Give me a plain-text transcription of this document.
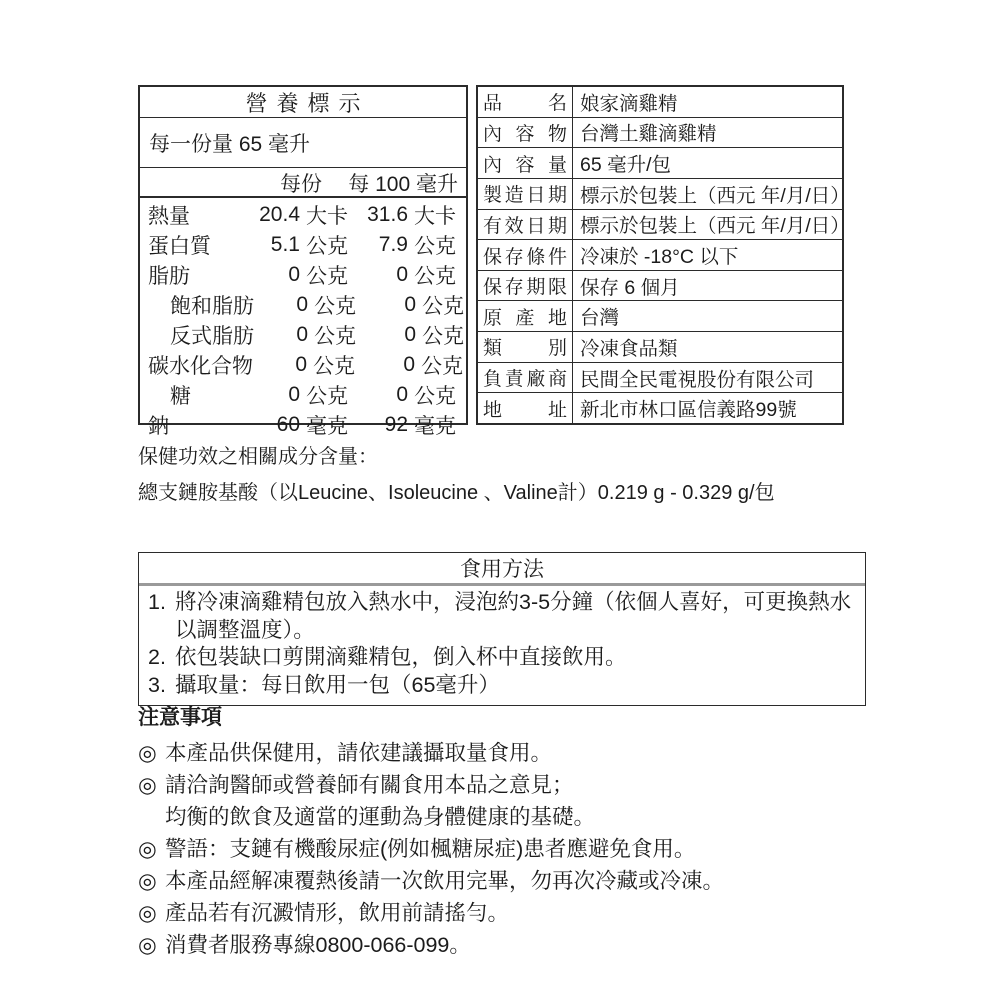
營養標示
每一份量 65 毫升
每份	每 100 毫升
熱量	20.4 大卡 31.6 大卡
蛋白質	5.1 公克	7.9 公克
脂肪	0 公克	0 公克
飽和脂肪	0 公克	0 公克
反式脂肪	0 公克	0 公克
碳水化合物	0 公克	0 公克
糖	0 公克	0 公克
鈉	60 毫克	92 毫克
品名 娘家滴雞精
內容物 台灣土雞滴雞精
內容量 65 毫升/包
製造日期 標示於包裝上（西元 年/月/日）
有效日期 標示於包裝上（西元 年/月/日）
保存條件 冷凍於 -18°C 以下
保存期限 保存 6 個月
原產地 台灣
類別 冷凍食品類
負責廠商 民間全民電視股份有限公司
地址 新北市林口區信義路99號
保健功效之相關成分含量：
總支鏈胺基酸（以Leucine、Isoleucine 、Valine計）0.219 g - 0.329 g/包
食用方法
1. 將冷凍滴雞精包放入熱水中，浸泡約3-5分鐘（依個人喜好，可更換熱水以調整溫度）。
2. 依包裝缺口剪開滴雞精包，倒入杯中直接飲用。
3. 攝取量：每日飲用一包（65毫升）
注意事項
◎ 本產品供保健用，請依建議攝取量食用。
◎ 請洽詢醫師或營養師有關食用本品之意見；
均衡的飲食及適當的運動為身體健康的基礎。
◎ 警語：支鏈有機酸尿症(例如楓糖尿症)患者應避免食用。
◎ 本產品經解凍覆熱後請一次飲用完畢，勿再次冷藏或冷凍。
◎ 產品若有沉澱情形，飲用前請搖勻。
◎ 消費者服務專線0800-066-099。
